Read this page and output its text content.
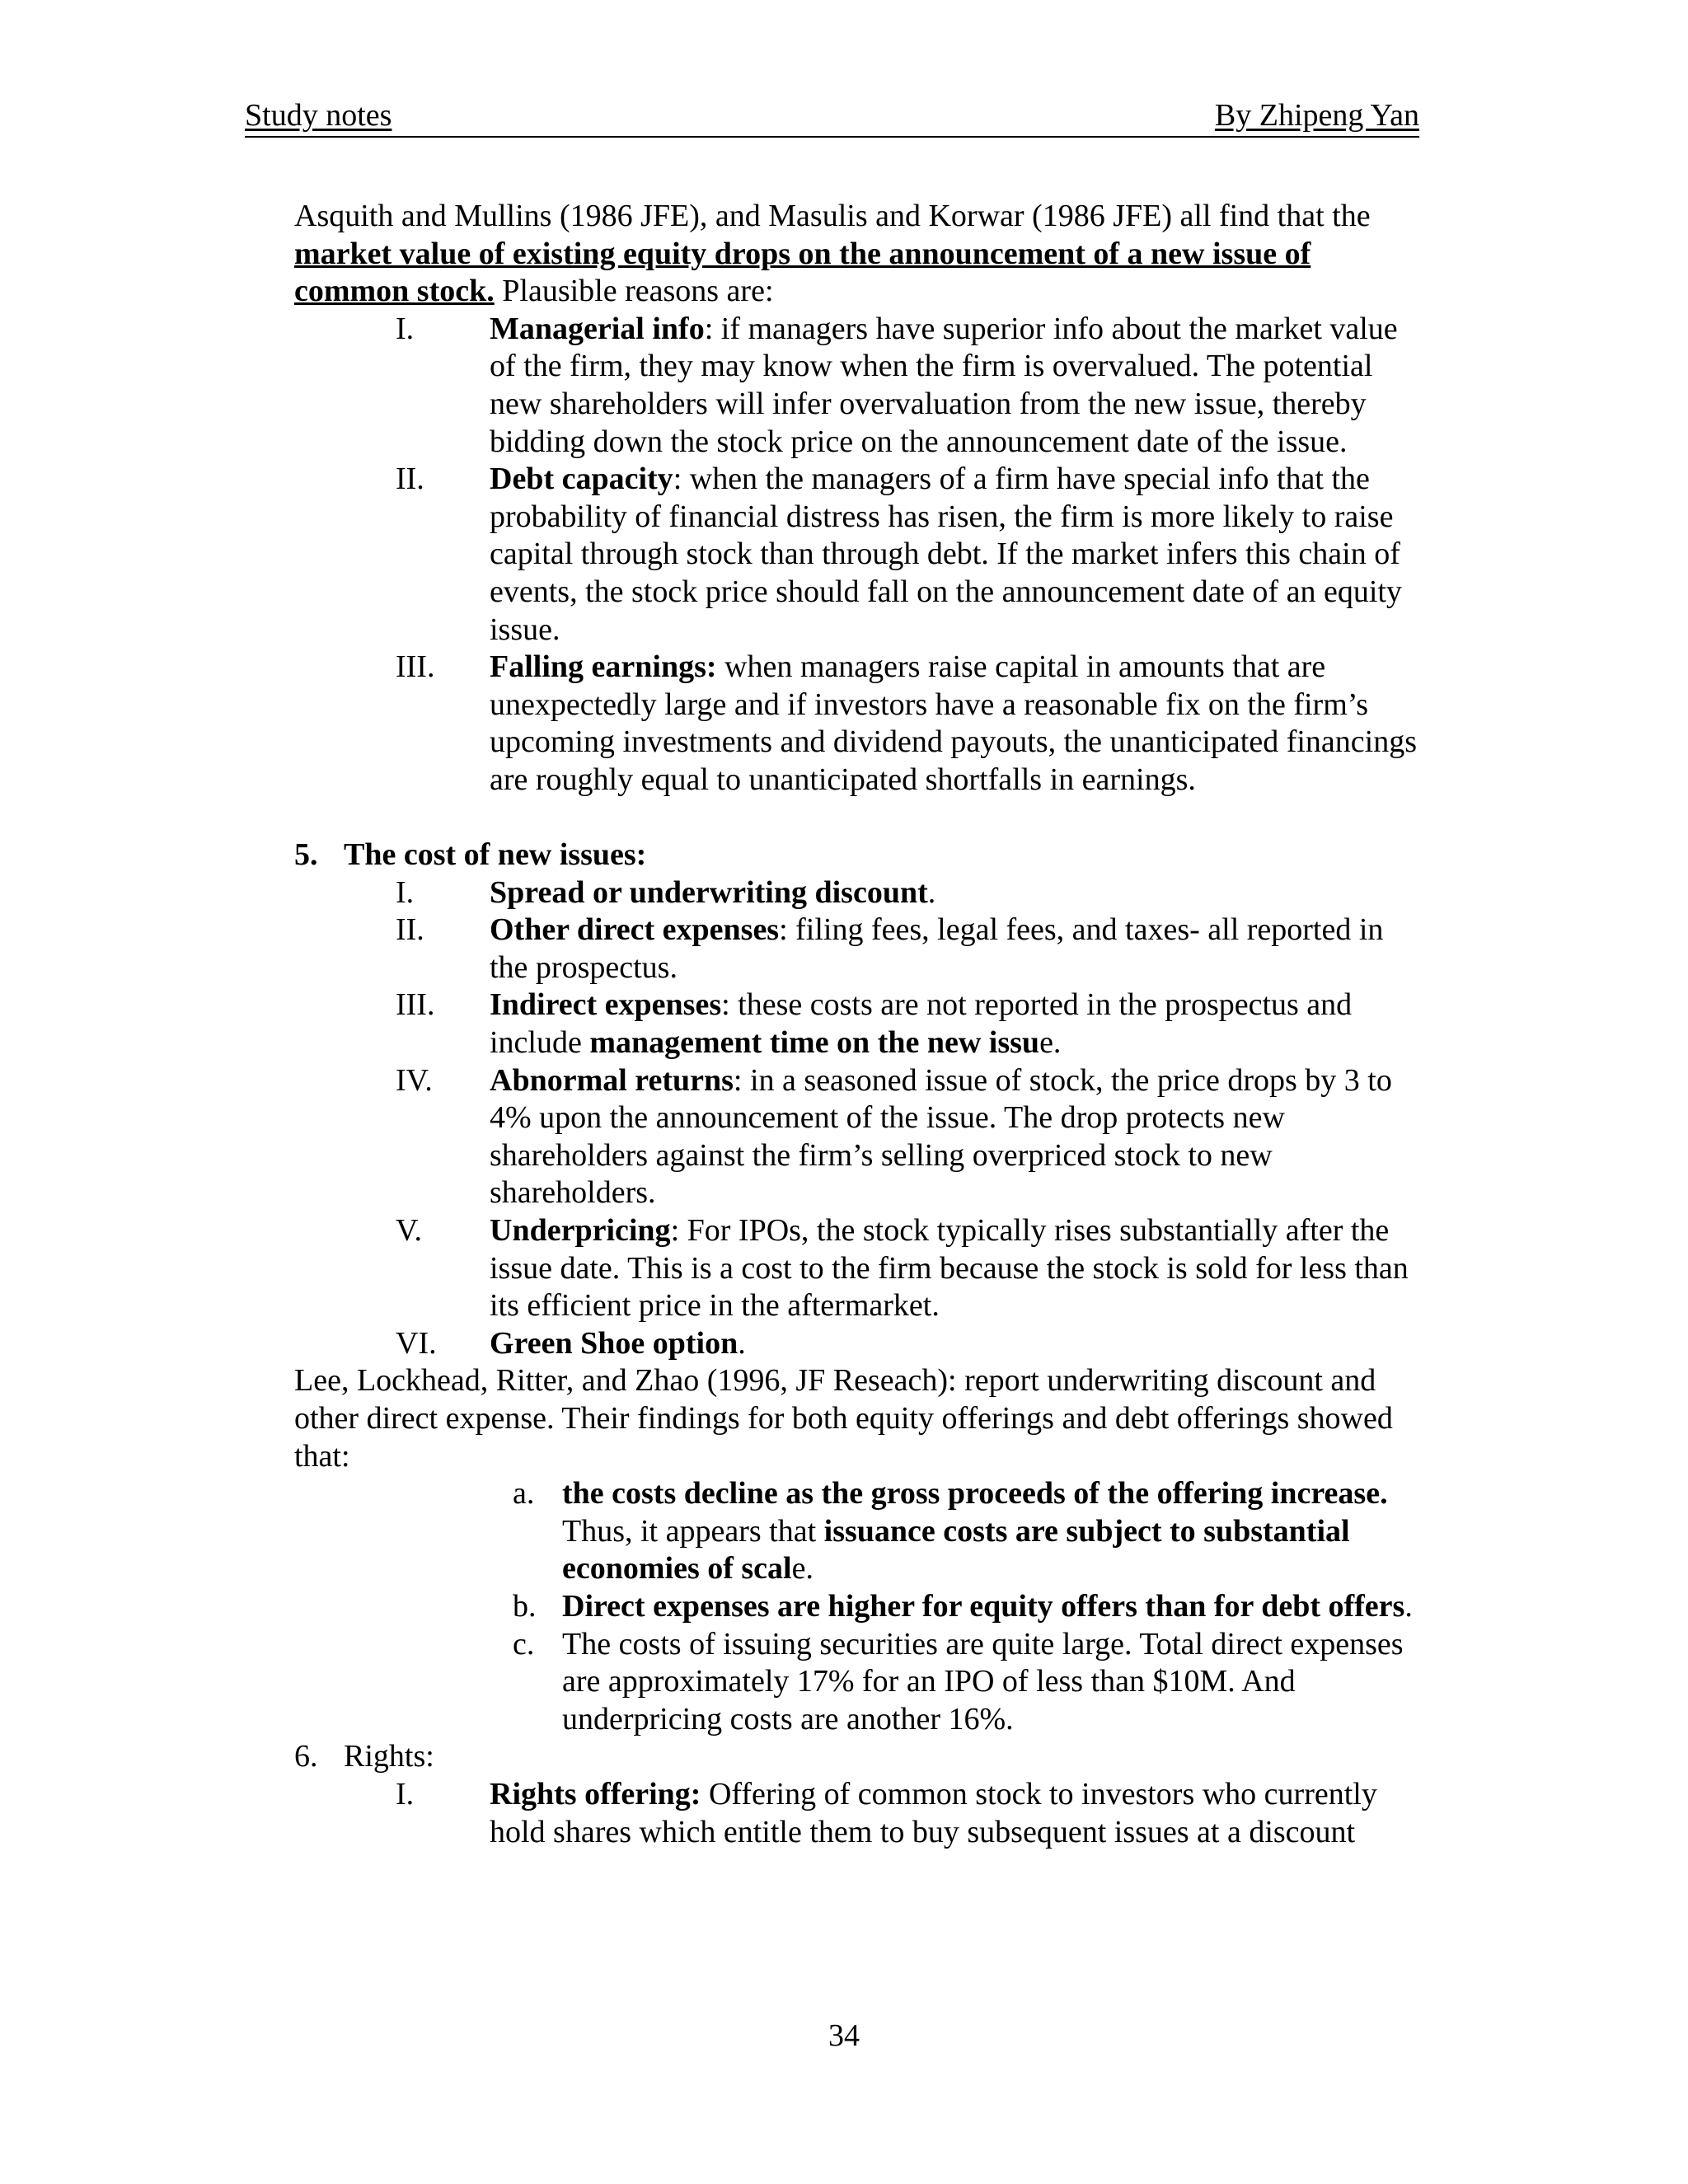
Study notes	By Zhipeng Yan

Asquith and Mullins (1986 JFE), and Masulis and Korwar (1986 JFE) all find that the market value of existing equity drops on the announcement of a new issue of common stock. Plausible reasons are:

I.	Managerial info: if managers have superior info about the market value of the firm, they may know when the firm is overvalued. The potential new shareholders will infer overvaluation from the new issue, thereby bidding down the stock price on the announcement date of the issue.
II.	Debt capacity: when the managers of a firm have special info that the probability of financial distress has risen, the firm is more likely to raise capital through stock than through debt. If the market infers this chain of events, the stock price should fall on the announcement date of an equity issue.
III.	Falling earnings: when managers raise capital in amounts that are unexpectedly large and if investors have a reasonable fix on the firm’s upcoming investments and dividend payouts, the unanticipated financings are roughly equal to unanticipated shortfalls in earnings.
5. The cost of new issues:
I.	Spread or underwriting discount.
II.	Other direct expenses: filing fees, legal fees, and taxes- all reported in the prospectus.
III.	Indirect expenses: these costs are not reported in the prospectus and include management time on the new issue.
IV.	Abnormal returns: in a seasoned issue of stock, the price drops by 3 to 4% upon the announcement of the issue. The drop protects new shareholders against the firm’s selling overpriced stock to new shareholders.
V.	Underpricing: For IPOs, the stock typically rises substantially after the issue date. This is a cost to the firm because the stock is sold for less than its efficient price in the aftermarket.
VI.	Green Shoe option.

Lee, Lockhead, Ritter, and Zhao (1996, JF Reseach): report underwriting discount and other direct expense. Their findings for both equity offerings and debt offerings showed that:

a. the costs decline as the gross proceeds of the offering increase. Thus, it appears that issuance costs are subject to substantial economies of scale.
b. Direct expenses are higher for equity offers than for debt offers.
c. The costs of issuing securities are quite large. Total direct expenses are approximately 17% for an IPO of less than $10M. And underpricing costs are another 16%.
6. Rights:
I.	Rights offering: Offering of common stock to investors who currently hold shares which entitle them to buy subsequent issues at a discount
34
